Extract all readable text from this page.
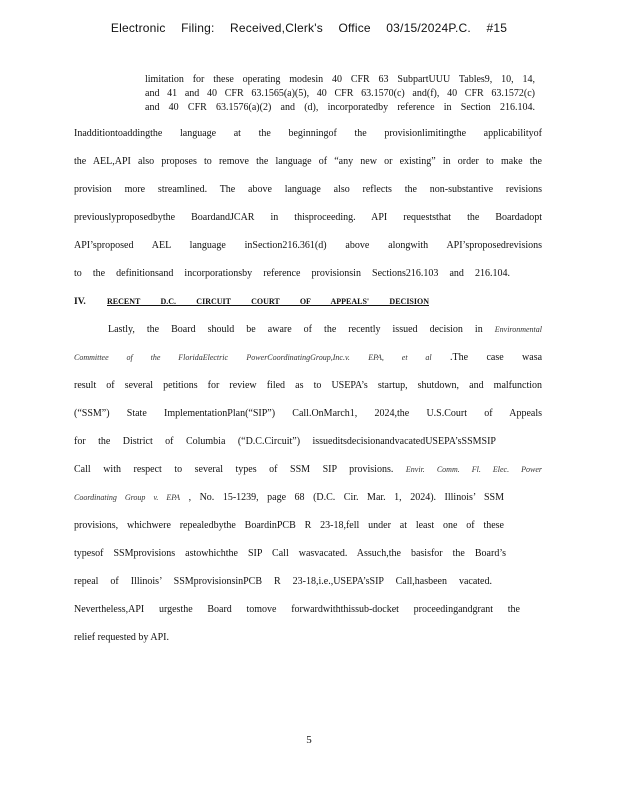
Electronic Filing: Received,Clerk's Office 03/15/2024P.C. #15
limitation for these operating modesin 40 CFR 63 SubpartUUU Tables9, 10, 14,
and 41 and 40 CFR 63.1565(a)(5), 40 CFR 63.1570(c) and(f), 40 CFR 63.1572(c)
and 40 CFR 63.1576(a)(2) and (d), incorporatedby reference in Section 216.104.
Inadditiontoaddingthe language at the beginningof the provisionlimitingthe applicabilityof
the AEL,API also proposes to remove the language of “any new or existing” in order to make the
provision more streamlined. The above language also reflects the non-substantive revisions
previouslyproposedbythe BoardandJCAR in thisproceeding. API requeststhat the Boardadopt
API’sproposed AEL language inSection216.361(d) above alongwith API’sproposedrevisions
to the definitionsand incorporationsby reference provisionsin Sections216.103 and 216.104.
IV.	RECENT D.C. CIRCUIT COURT OF APPEALS' DECISION
Lastly, the Board should be aware of the recently issued decision in Environmental
Committee of the FloridaElectric PowerCoordinatingGroup,Inc.v. EPA, et al .The case wasa
result of several petitions for review filed as to USEPA’s startup, shutdown, and malfunction
(“SSM”) State ImplementationPlan(“SIP”) Call.OnMarch1, 2024,the U.S.Court of Appeals
for the District of Columbia (“D.C.Circuit”) issueditsdecisionandvacatedUSEPA’sSSMSIP
Call with respect to several types of SSM SIP provisions. Envir. Comm. Fl. Elec. Power
Coordinating Group v. EPA , No. 15-1239, page 68 (D.C. Cir. Mar. 1, 2024). Illinois’ SSM
provisions, whichwere repealedbythe BoardinPCB R 23-18,fell under at least one of these
typesof SSMprovisions astowhichthe SIP Call wasvacated. Assuch,the basisfor the Board’s
repeal of Illinois’ SSMprovisionsinPCB R 23-18,i.e.,USEPA’sSIP Call,hasbeen vacated.
Nevertheless,API urgesthe Board tomove forwardwiththissub-docket proceedingandgrant the
relief requested by API.
5
